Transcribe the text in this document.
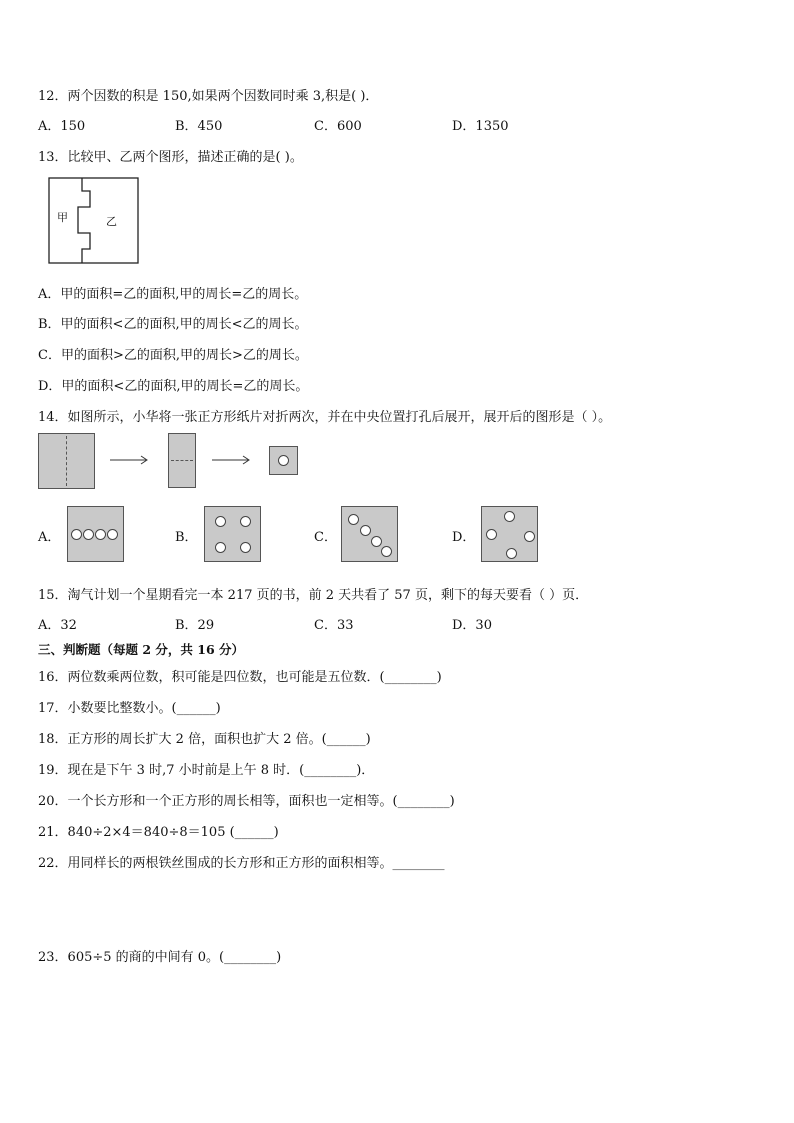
12．两个因数的积是 150,如果两个因数同时乘 3,积是( )．
A．150	B．450	C．600	D．1350
13．比较甲、乙两个图形，描述正确的是( )。
甲	乙
A．甲的面积=乙的面积,甲的周长=乙的周长。
B．甲的面积<乙的面积,甲的周长<乙的周长。
C．甲的面积>乙的面积,甲的周长>乙的周长。
D．甲的面积<乙的面积,甲的周长=乙的周长。
14．如图所示，小华将一张正方形纸片对折两次，并在中央位置打孔后展开，展开后的图形是（ ）。
A．	B．	C．	D．
15．淘气计划一个星期看完一本 217 页的书，前 2 天共看了 57 页，剩下的每天要看（ ）页．
A．32	B．29	C．33	D．30
三、判断题（每题 2 分，共 16 分）
16．两位数乘两位数，积可能是四位数，也可能是五位数．(________)
17．小数要比整数小。(______)
18．正方形的周长扩大 2 倍，面积也扩大 2 倍。(______)
19．现在是下午 3 时,7 小时前是上午 8 时．(________)．
20．一个长方形和一个正方形的周长相等，面积也一定相等。(________)
21．840÷2×4＝840÷8＝105 (______)
22．用同样长的两根铁丝围成的长方形和正方形的面积相等。________
23．605÷5 的商的中间有 0。(________)
